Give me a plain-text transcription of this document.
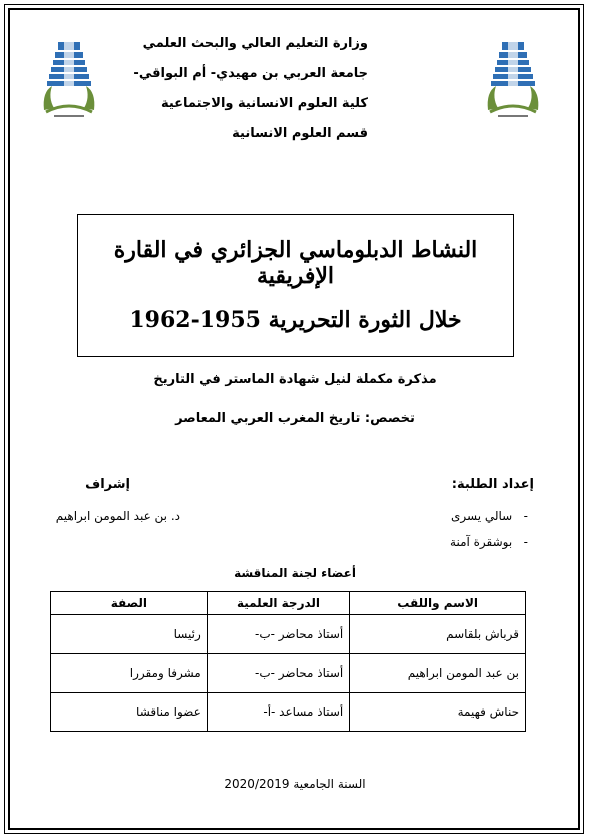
وزارة التعليم العالي والبحث العلمي
جامعة العربي بن مهيدي- أم البواقي-
كلية العلوم الانسانية والاجتماعية
قسم العلوم الانسانية
النشاط الدبلوماسي الجزائري في القارة الإفريقية
خلال الثورة التحريرية 1955-1962
مذكرة مكملة لنيل شهادة الماستر في التاريخ
تخصص: تاريخ المغرب العربي المعاصر
إعداد الطلبة:
-   سالي يسرى
-   بوشقرة آمنة
إشراف
د. بن عبد المومن ابراهيم
أعضاء لجنة المناقشة
الاسم واللقب	الدرجة العلمية	الصفة
قرباش بلقاسم	أستاذ محاضر -ب-	رئيسا
بن عبد المومن ابراهيم	أستاذ محاضر -ب-	مشرفا ومقررا
حناش فهيمة	أستاذ مساعد -أ-	عضوا مناقشا
السنة الجامعية 2020/2019
